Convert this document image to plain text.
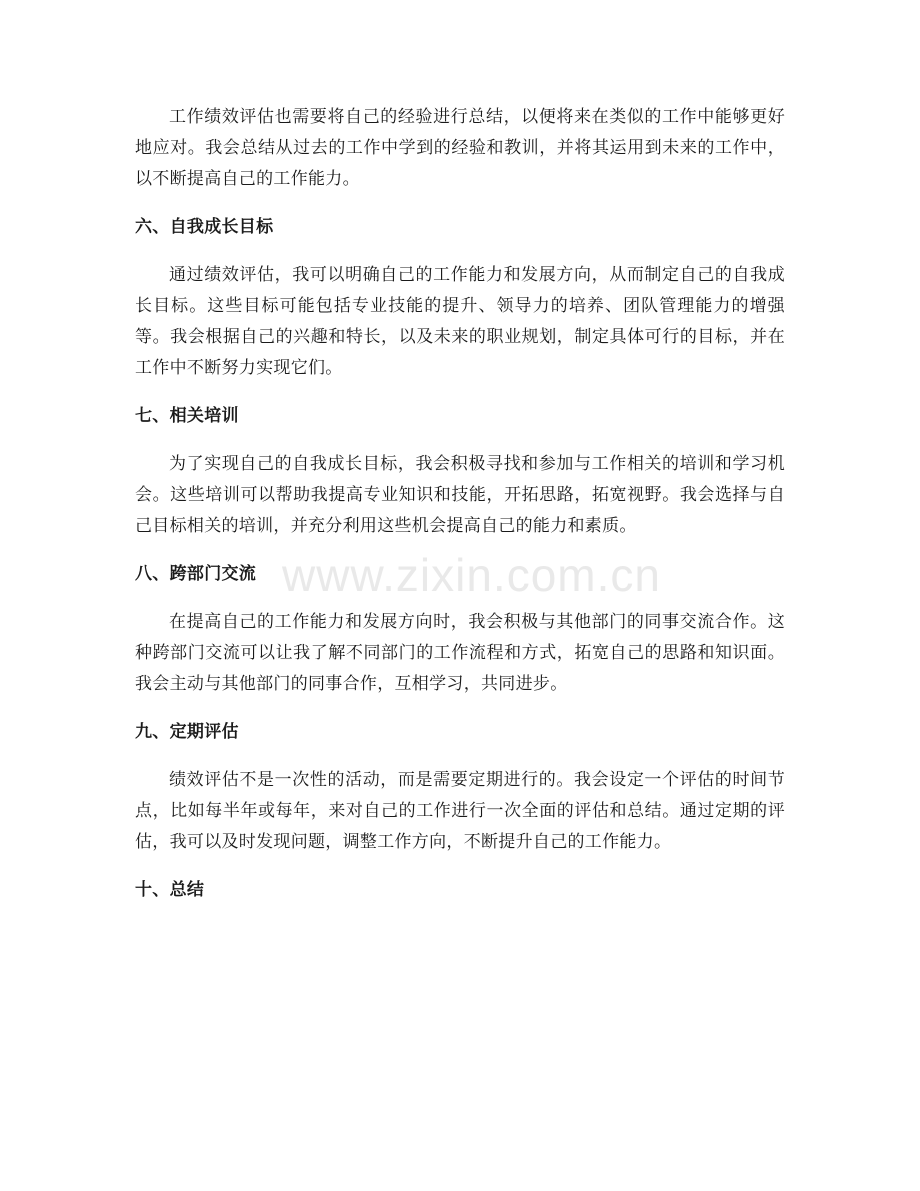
www.zixin.com.cn

工作绩效评估也需要将自己的经验进行总结，以便将来在类似的工作中能够更好地应对。我会总结从过去的工作中学到的经验和教训，并将其运用到未来的工作中，以不断提高自己的工作能力。

六、自我成长目标

通过绩效评估，我可以明确自己的工作能力和发展方向，从而制定自己的自我成长目标。这些目标可能包括专业技能的提升、领导力的培养、团队管理能力的增强等。我会根据自己的兴趣和特长，以及未来的职业规划，制定具体可行的目标，并在工作中不断努力实现它们。

七、相关培训

为了实现自己的自我成长目标，我会积极寻找和参加与工作相关的培训和学习机会。这些培训可以帮助我提高专业知识和技能，开拓思路，拓宽视野。我会选择与自己目标相关的培训，并充分利用这些机会提高自己的能力和素质。

八、跨部门交流

在提高自己的工作能力和发展方向时，我会积极与其他部门的同事交流合作。这种跨部门交流可以让我了解不同部门的工作流程和方式，拓宽自己的思路和知识面。我会主动与其他部门的同事合作，互相学习，共同进步。

九、定期评估

绩效评估不是一次性的活动，而是需要定期进行的。我会设定一个评估的时间节点，比如每半年或每年，来对自己的工作进行一次全面的评估和总结。通过定期的评估，我可以及时发现问题，调整工作方向，不断提升自己的工作能力。

十、总结
